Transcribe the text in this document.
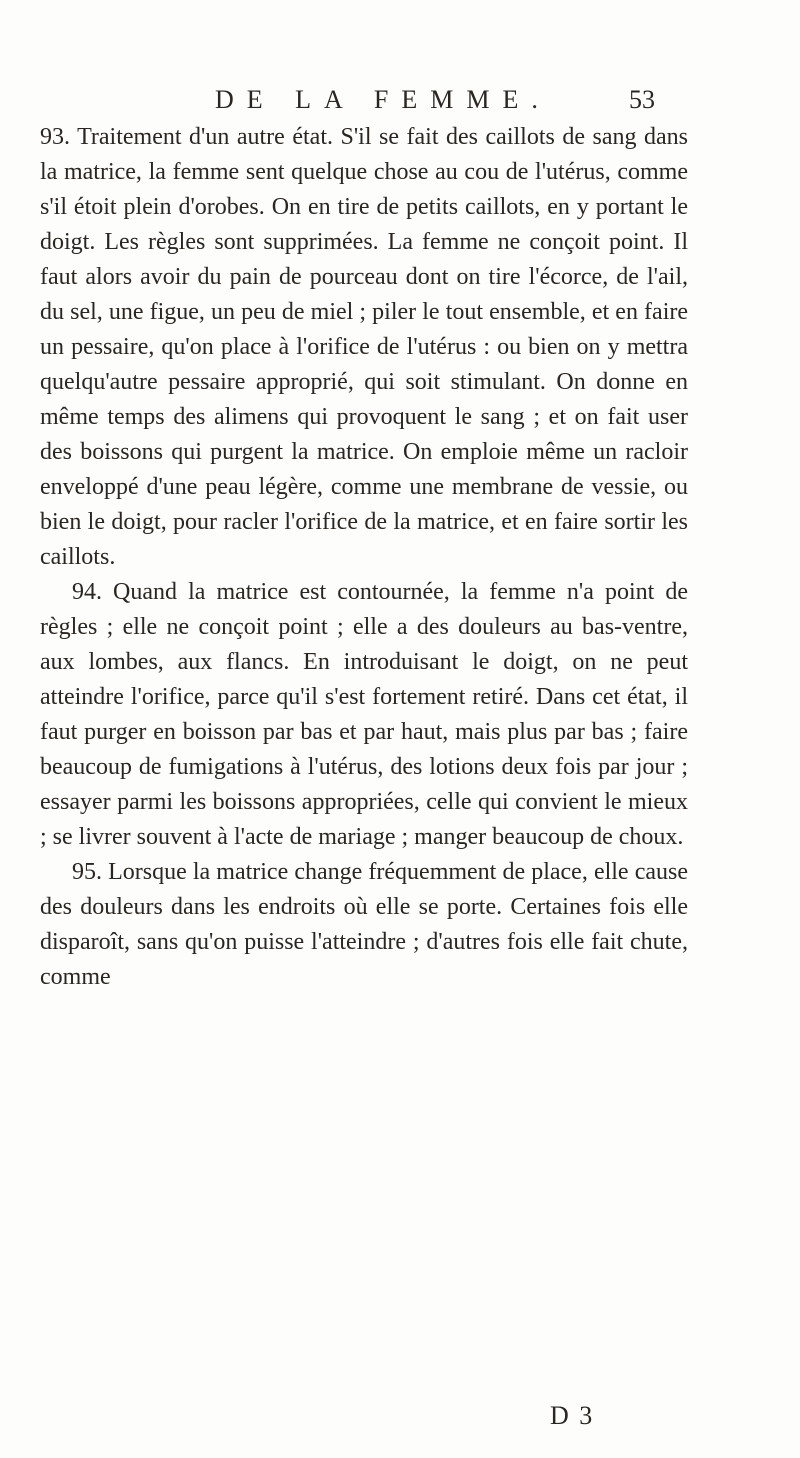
DE LA FEMME.	53

93. Traitement d'un autre état. S'il se fait des caillots de sang dans la matrice, la femme sent quelque chose au cou de l'utérus, comme s'il étoit plein d'orobes. On en tire de petits caillots, en y portant le doigt. Les règles sont supprimées. La femme ne conçoit point. Il faut alors avoir du pain de pourceau dont on tire l'écorce, de l'ail, du sel, une figue, un peu de miel ; piler le tout ensemble, et en faire un pessaire, qu'on place à l'orifice de l'utérus : ou bien on y mettra quelqu'autre pessaire approprié, qui soit stimulant. On donne en même temps des alimens qui provoquent le sang ; et on fait user des boissons qui purgent la matrice. On emploie même un racloir enveloppé d'une peau légère, comme une membrane de vessie, ou bien le doigt, pour racler l'orifice de la matrice, et en faire sortir les caillots.

94. Quand la matrice est contournée, la femme n'a point de règles ; elle ne conçoit point ; elle a des douleurs au bas-ventre, aux lombes, aux flancs. En introduisant le doigt, on ne peut atteindre l'orifice, parce qu'il s'est fortement retiré. Dans cet état, il faut purger en boisson par bas et par haut, mais plus par bas ; faire beaucoup de fumigations à l'utérus, des lotions deux fois par jour ; essayer parmi les boissons appropriées, celle qui convient le mieux ; se livrer souvent à l'acte de mariage ; manger beaucoup de choux.

95. Lorsque la matrice change fréquemment de place, elle cause des douleurs dans les endroits où elle se porte. Certaines fois elle disparoît, sans qu'on puisse l'atteindre ; d'autres fois elle fait chute, comme

D 3
